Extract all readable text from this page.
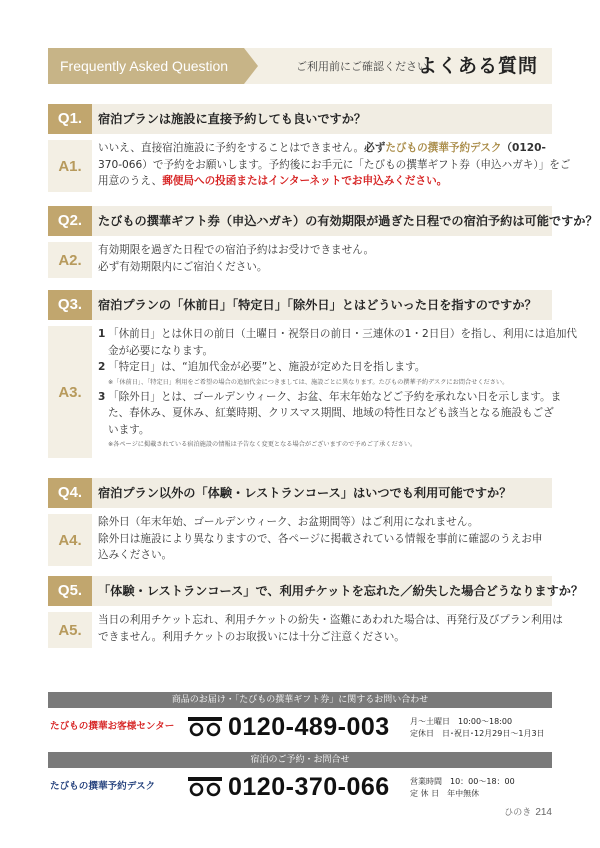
Frequently Asked Question	ご利用前にご確認ください
よくある質問
Q1.	宿泊プランは施設に直接予約しても良いですか？
A1.

いいえ、直接宿泊施設に予約をすることはできません。必ずたびもの撰華予約デスク（0120-

370-066）で予約をお願いします。予約後にお手元に「たびもの撰華ギフト券（申込ハガキ）」をご

用意のうえ、郵便局への投函またはインターネットでお申込みください。

Q2.	たびもの撰華ギフト券（申込ハガキ）の有効期限が過ぎた日程での宿泊予約は可能ですか？
A2.

有効期限を過ぎた日程での宿泊予約はお受けできません。

必ず有効期限内にご宿泊ください。

Q3.	宿泊プランの「休前日」「特定日」「除外日」とはどういった日を指すのですか？
A3.

1 「休前日」とは休日の前日（土曜日・祝祭日の前日・三連休の1・2日目）を指し、利用には追加代

金が必要になります。

2 「特定日」は、“追加代金が必要”と、施設が定めた日を指します。

※「休前日」、「特定日」利用をご希望の場合の追加代金につきましては、施設ごとに異なります。たびもの撰華予約デスクにお問合せください。

3 「除外日」とは、ゴールデンウィーク、お盆、年末年始などご予約を承れない日を示します。ま

た、春休み、夏休み、紅葉時期、クリスマス期間、地域の特性日なども該当となる施設もござ

います。

※各ページに掲載されている宿泊施設の情報は予告なく変更となる場合がございますので予めご了承ください。
Q4.	宿泊プラン以外の「体験・レストランコース」はいつでも利用可能ですか？
A4.

除外日（年末年始、ゴールデンウィーク、お盆期間等）はご利用になれません。

除外日は施設により異なりますので、各ページに掲載されている情報を事前に確認のうえお申

込みください。

Q5.	「体験・レストランコース」で、利用チケットを忘れた／紛失した場合どうなりますか？
A5.

当日の利用チケット忘れ、利用チケットの紛失・盗難にあわれた場合は、再発行及びプラン利用は

できません。利用チケットのお取扱いには十分ご注意ください。

商品のお届け・「たびもの撰華ギフト券」に関するお問い合わせ
たびもの撰華お客様センター 0120-489-003	月～土曜日　10:00～18:00
定休日　日･祝日･12月29日～1月3日
宿泊のご予約・お問合せ
たびもの撰華予約デスク	0120-370-066	営業時間　10：00～18：00
定 休 日　年中無休
ひのき 214
